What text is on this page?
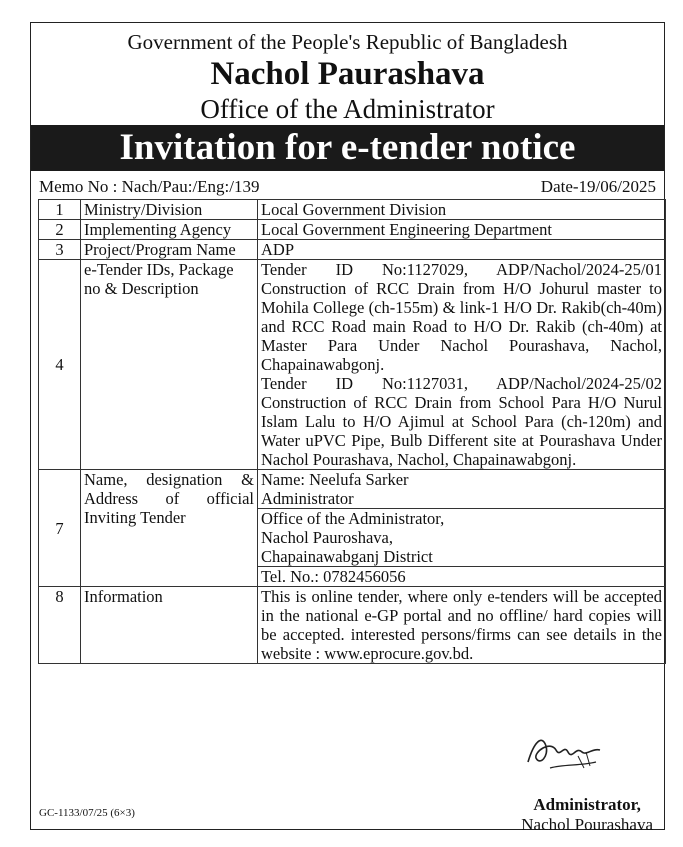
Government of the People's Republic of Bangladesh
Nachol Paurashava
Office of the Administrator
Invitation for e-tender notice
Memo No : Nach/Pau:/Eng:/139	Date-19/06/2025
1	Ministry/Division	Local Government Division
2	Implementing Agency	Local Government Engineering Department
3	Project/Program Name	ADP
4	e-Tender IDs, Package no & Description	Tender ID No:1127029, ADP/Nachol/2024-25/01 Construction of RCC Drain from H/O Johurul master to Mohila College (ch-155m) & link-1 H/O Dr. Rakib(ch-40m) and RCC Road main Road to H/O Dr. Rakib (ch-40m) at Master Para Under Nachol Pourashava, Nachol, Chapainawabgonj.
Tender ID No:1127031, ADP/Nachol/2024-25/02 Construction of RCC Drain from School Para H/O Nurul Islam Lalu to H/O Ajimul at School Para (ch-120m) and Water uPVC Pipe, Bulb Different site at Pourashava Under Nachol Pourashava, Nachol, Chapainawabgonj.

7	Name, designation & Address of official Inviting Tender	Name: Neelufa Sarker
Administrator

		Office of the Administrator,
Nachol Pauroshava,
Chapainawabganj District

		Tel. No.: 0782456056
8	Information	This is online tender, where only e-tenders will be accepted in the national e-GP portal and no offline/ hard copies will be accepted. interested persons/firms can see details in the website : www.eprocure.gov.bd.
GC-1133/07/25 (6×3)	Administrator,
Nachol Pourashava
